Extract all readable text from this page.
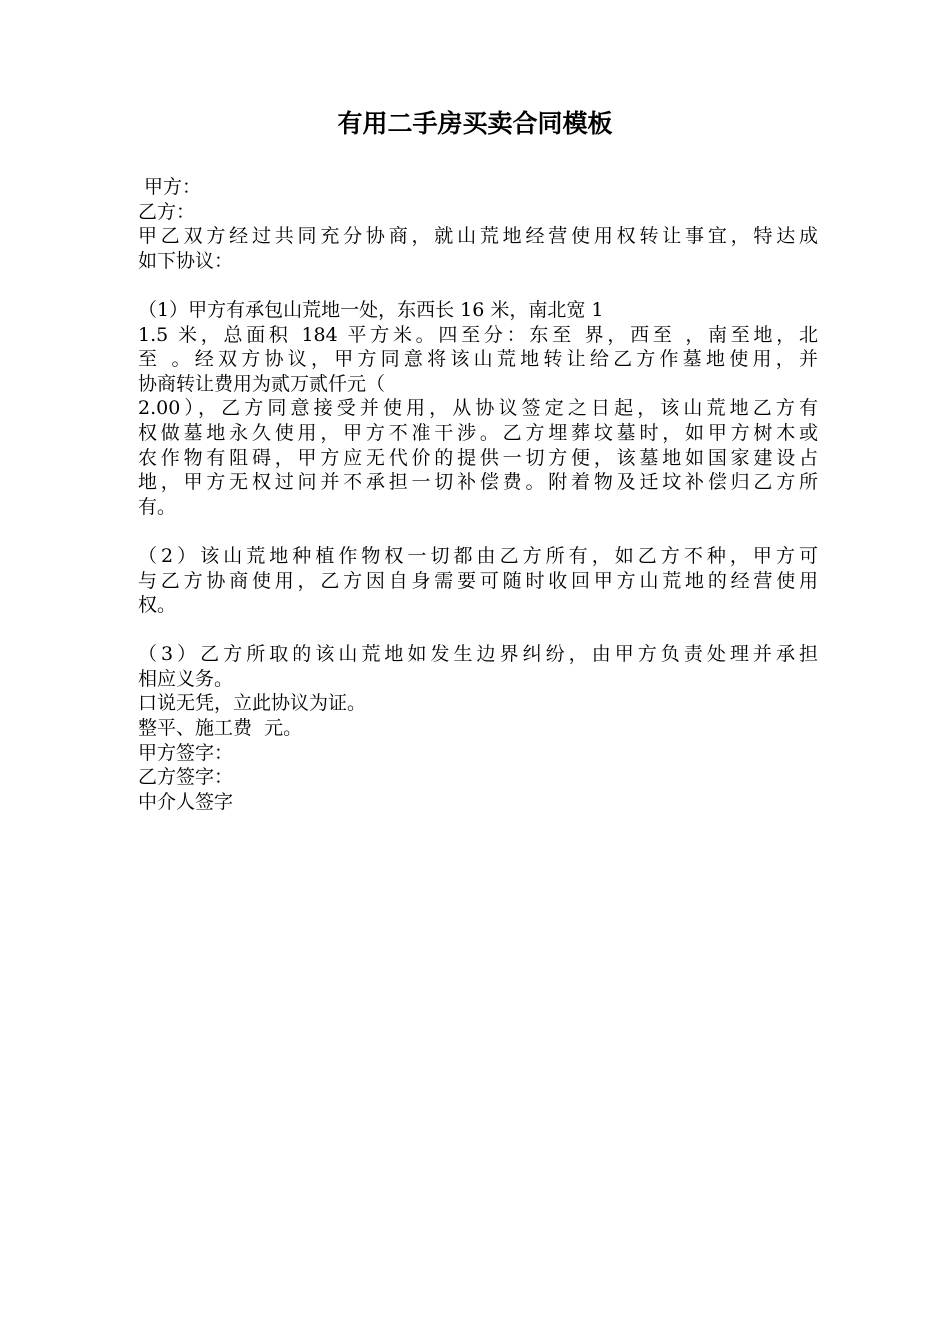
有用二手房买卖合同模板
甲方：
乙方：
甲乙双方经过共同充分协商，就山荒地经营使用权转让事宜，特达成
如下协议：
（1）甲方有承包山荒地一处，东西长 16 米，南北宽 1
1.5 米，总面积 184 平方米。四至分：东至 界，西至 ，南至地，北
至 。经双方协议，甲方同意将该山荒地转让给乙方作墓地使用，并
协商转让费用为贰万贰仟元（
2.00），乙方同意接受并使用，从协议签定之日起，该山荒地乙方有
权做墓地永久使用，甲方不准干涉。乙方埋葬坟墓时，如甲方树木或
农作物有阻碍，甲方应无代价的提供一切方便，该墓地如国家建设占
地，甲方无权过问并不承担一切补偿费。附着物及迁坟补偿归乙方所
有。
（2）该山荒地种植作物权一切都由乙方所有，如乙方不种，甲方可
与乙方协商使用，乙方因自身需要可随时收回甲方山荒地的经营使用
权。
（3）乙方所取的该山荒地如发生边界纠纷，由甲方负责处理并承担
相应义务。
口说无凭，立此协议为证。
整平、施工费  元。
甲方签字：
乙方签字：
中介人签字
